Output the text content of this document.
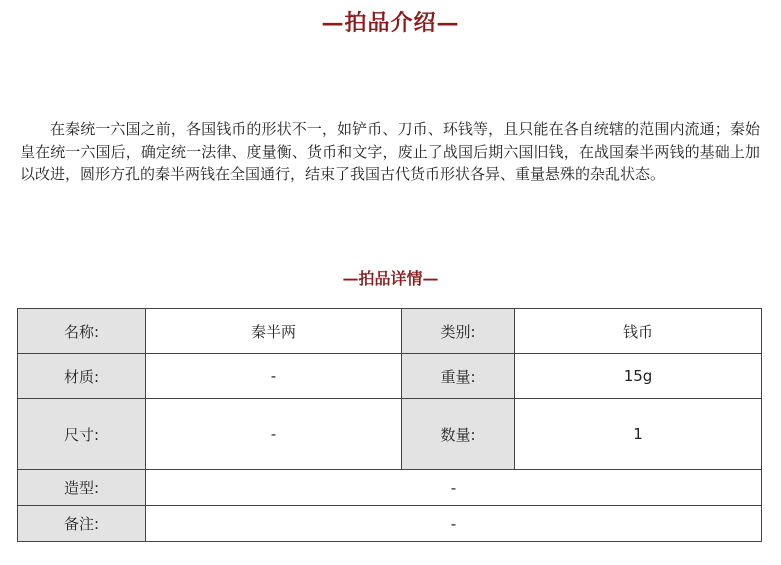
—拍品介绍—

在秦统一六国之前，各国钱币的形状不一，如铲币、刀币、环钱等，且只能在各自统辖的范围内流通；秦始皇在统一六国后，确定统一法律、度量衡、货币和文字，废止了战国后期六国旧钱，在战国秦半两钱的基础上加以改进，圆形方孔的秦半两钱在全国通行，结束了我国古代货币形状各异、重量悬殊的杂乱状态。

—拍品详情—
名称:	秦半两	类别:	钱币
材质:	-	重量:	15g
尺寸:	-	数量:	1
造型:	-		
备注:	-		
